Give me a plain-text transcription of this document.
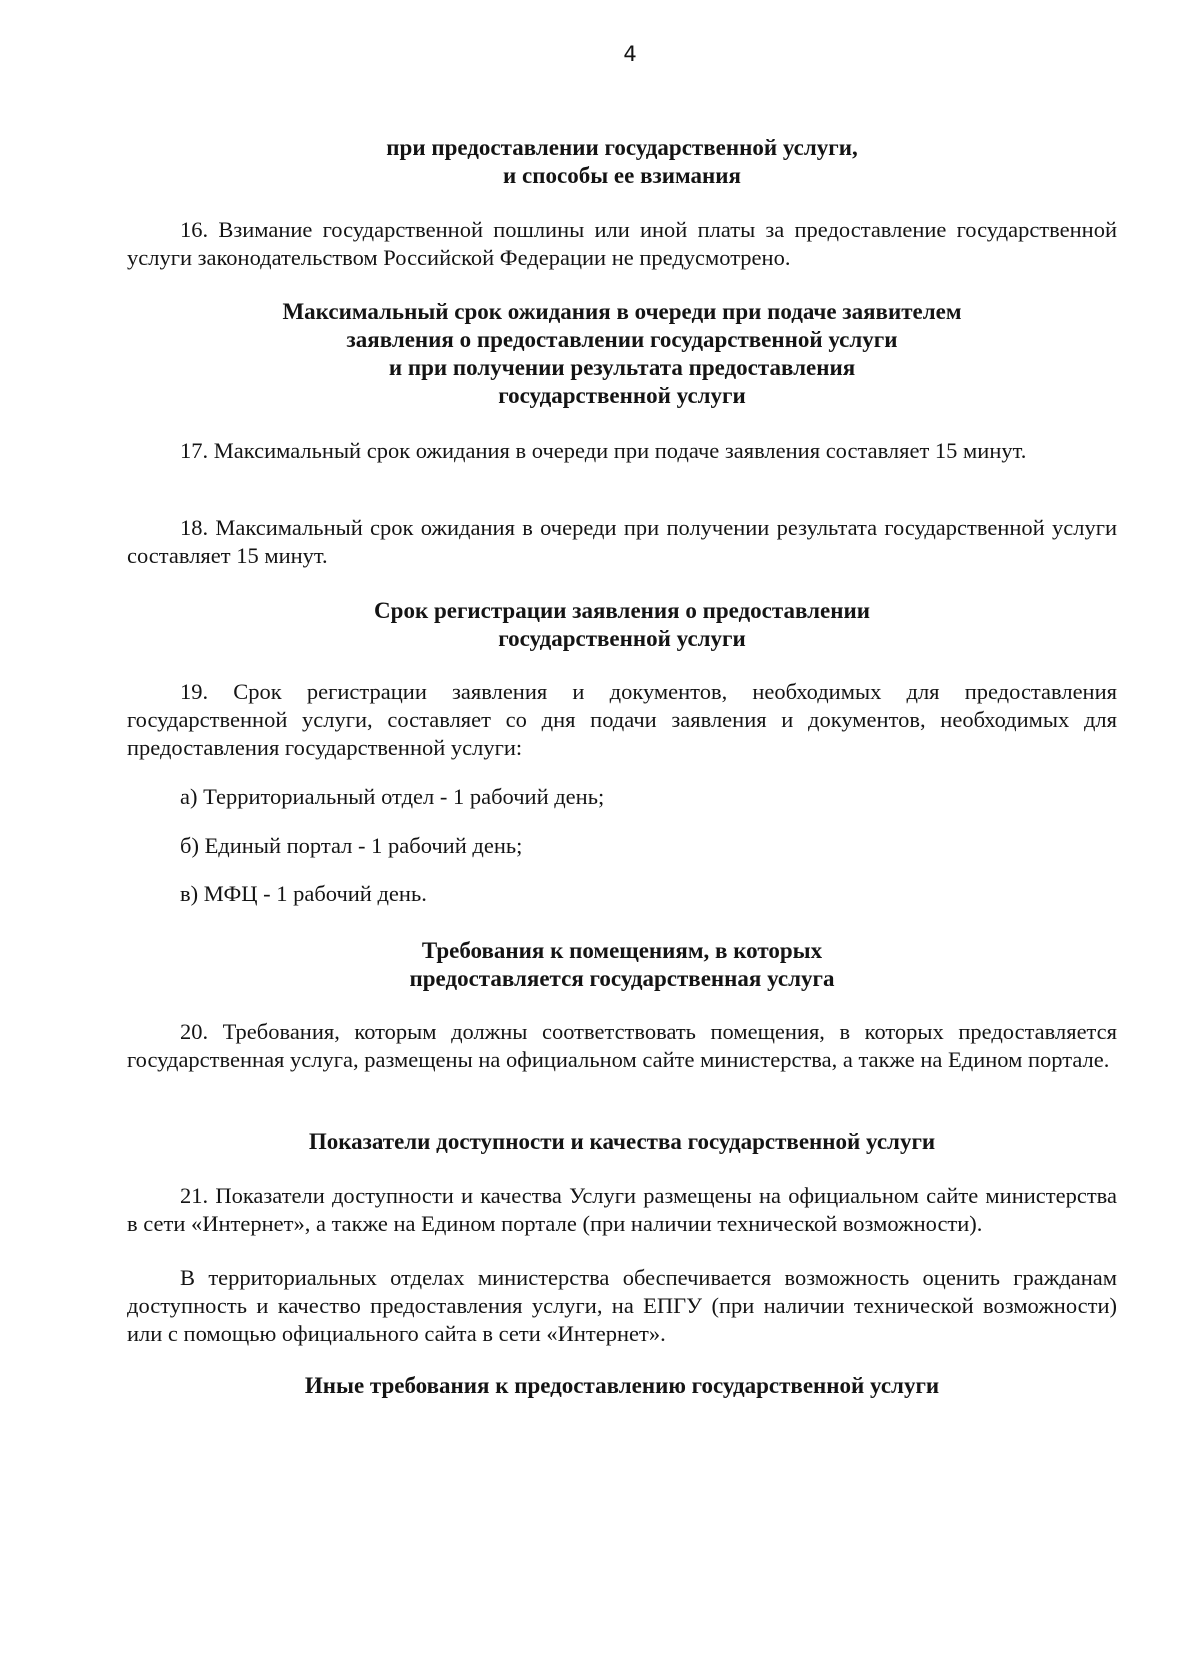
4
при предоставлении государственной услуги,
и способы ее взимания
16. Взимание государственной пошлины или иной платы за предоставление государственной услуги законодательством Российской Федерации не предусмотрено.
Максимальный срок ожидания в очереди при подаче заявителем
заявления о предоставлении государственной услуги
и при получении результата предоставления
государственной услуги
17. Максимальный срок ожидания в очереди при подаче заявления составляет 15 минут.
18. Максимальный срок ожидания в очереди при получении результата государственной услуги составляет 15 минут.
Срок регистрации заявления о предоставлении
государственной услуги
19. Срок регистрации заявления и документов, необходимых для предоставления государственной услуги, составляет со дня подачи заявления и документов, необходимых для предоставления государственной услуги:
а) Территориальный отдел - 1 рабочий день;
б) Единый портал - 1 рабочий день;
в) МФЦ - 1 рабочий день.
Требования к помещениям, в которых
предоставляется государственная услуга
20. Требования, которым должны соответствовать помещения, в которых предоставляется государственная услуга, размещены на официальном сайте министерства, а также на Едином портале.
Показатели доступности и качества государственной услуги
21. Показатели доступности и качества Услуги размещены на официальном сайте министерства в сети «Интернет», а также на Едином портале (при наличии технической возможности).
В территориальных отделах министерства обеспечивается возможность оценить гражданам доступность и качество предоставления услуги, на ЕПГУ (при наличии технической возможности) или с помощью официального сайта в сети «Интернет».
Иные требования к предоставлению государственной услуги
